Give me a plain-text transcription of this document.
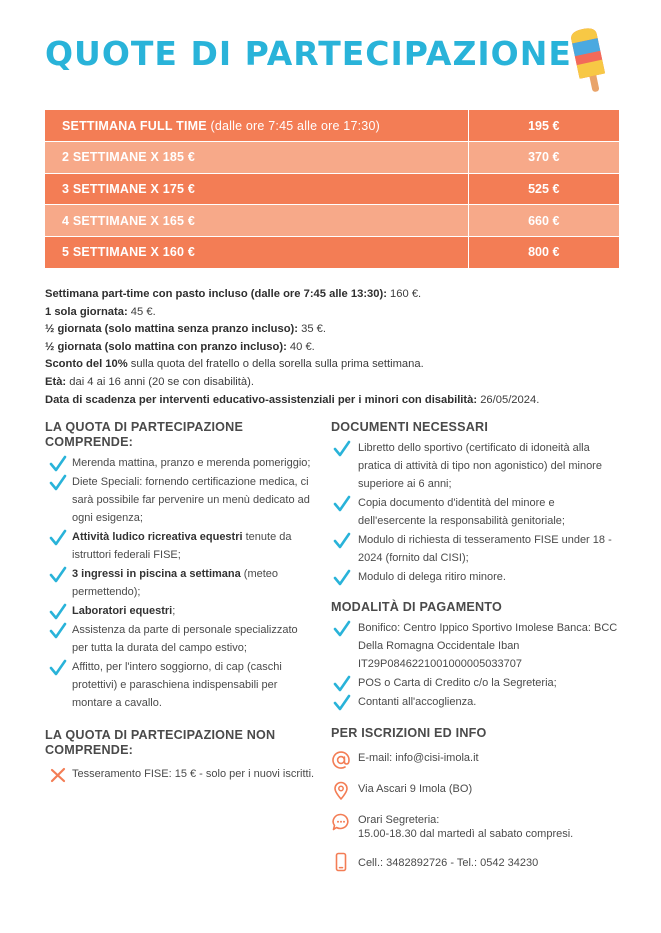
QUOTE DI PARTECIPAZIONE
SETTIMANA FULL TIME (dalle ore 7:45 alle ore 17:30)	195 €
2 SETTIMANE X 185 €	370 €
3 SETTIMANE X 175 €	525 €
4 SETTIMANE X 165 €	660 €
5 SETTIMANE X 160 €	800 €

Settimana part-time con pasto incluso (dalle ore 7:45 alle 13:30): 160 €.

1 sola giornata: 45 €.

½ giornata (solo mattina senza pranzo incluso): 35 €.

½ giornata (solo mattina con pranzo incluso): 40 €.

Sconto del 10% sulla quota del fratello o della sorella sulla prima settimana.

Età: dai 4 ai 16 anni (20 se con disabilità).

Data di scadenza per interventi educativo-assistenziali per i minori con disabilità: 26/05/2024.

LA QUOTA DI PARTECIPAZIONE
COMPRENDE:
Merenda mattina, pranzo e merenda pomeriggio;
Diete Speciali: fornendo certificazione medica, ci sarà possibile far pervenire un menù dedicato ad ogni esigenza;
Attività ludico ricreativa equestri tenute da istruttori federali FISE;
3 ingressi in piscina a settimana (meteo permettendo);
Laboratori equestri;
Assistenza da parte di personale specializzato per tutta la durata del campo estivo;
Affitto, per l'intero soggiorno, di cap (caschi protettivi) e paraschiena indispensabili per montare a cavallo.
LA QUOTA DI PARTECIPAZIONE NON
COMPRENDE:
Tesseramento FISE: 15 € - solo per i nuovi iscritti.
DOCUMENTI NECESSARI
Libretto dello sportivo (certificato di idoneità alla pratica di attività di tipo non agonistico) del minore superiore ai 6 anni;
Copia documento d'identità del minore e dell'esercente la responsabilità genitoriale;
Modulo di richiesta di tesseramento FISE under 18 - 2024 (fornito dal CISI);
Modulo di delega ritiro minore.
MODALITÀ DI PAGAMENTO
Bonifico: Centro Ippico Sportivo Imolese Banca: BCC Della Romagna Occidentale Iban IT29P0846221001000005033707
POS o Carta di Credito c/o la Segreteria;
Contanti all'accoglienza.
PER ISCRIZIONI ED INFO
E-mail: info@cisi-imola.it
Via Ascari 9 Imola (BO)
Orari Segreteria:
15.00-18.30 dal martedì al sabato compresi.
Cell.: 3482892726 - Tel.: 0542 34230
